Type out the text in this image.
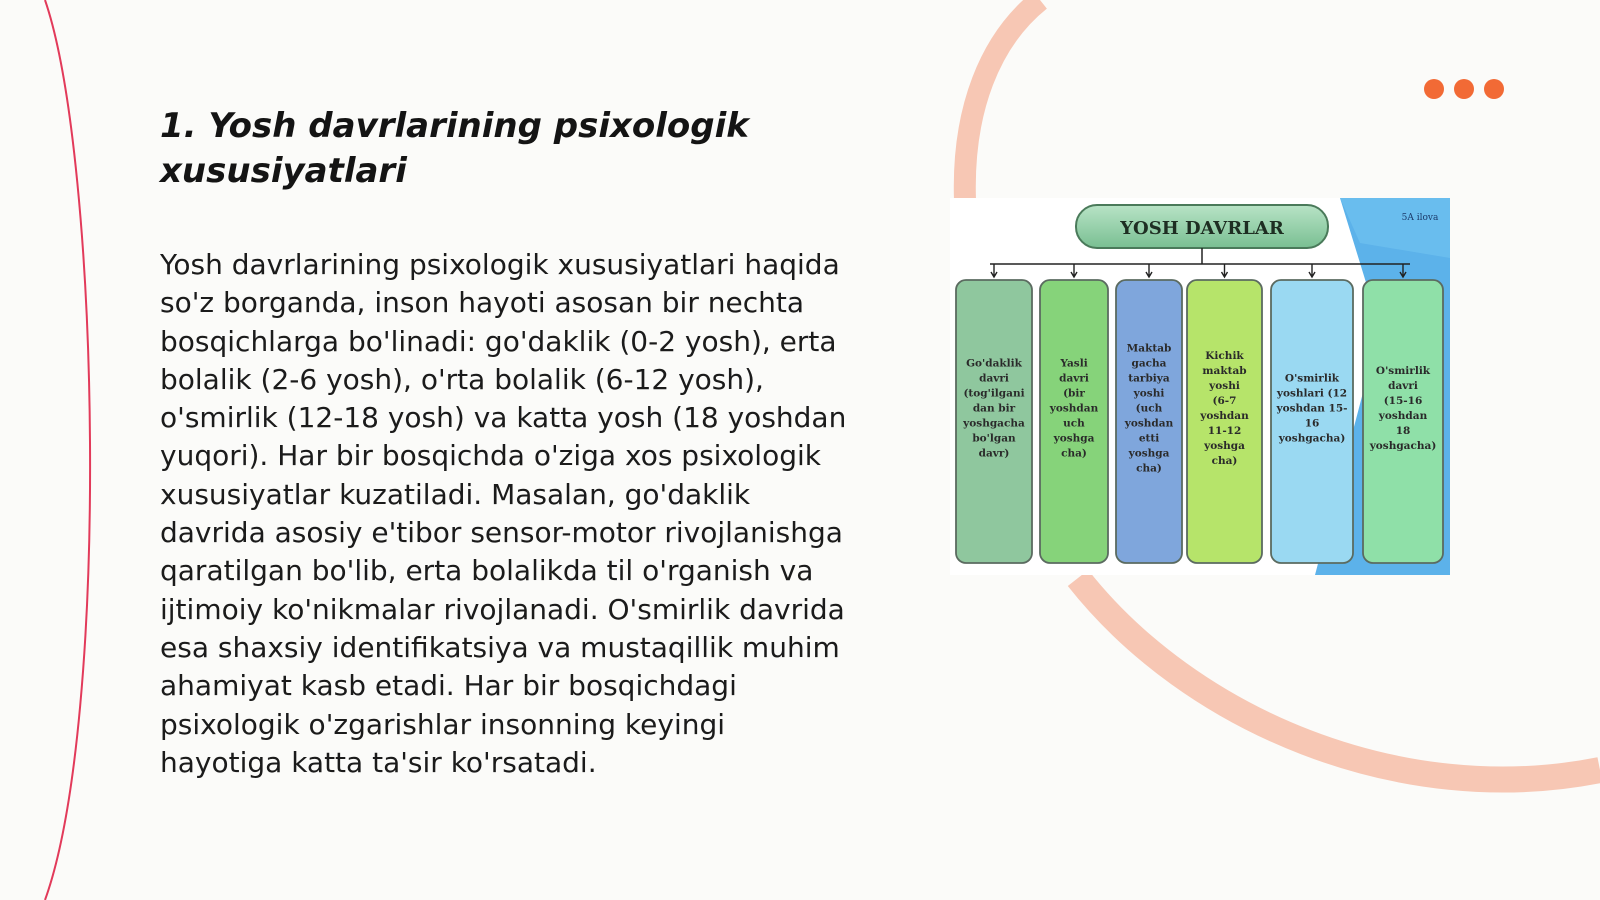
1. Yosh davrlarining psixologik xususiyatlari

Yosh davrlarining psixologik xususiyatlari haqida so'z borganda, inson hayoti asosan bir nechta bosqichlarga bo'linadi: go'daklik (0-2 yosh), erta bolalik (2-6 yosh), o'rta bolalik (6-12 yosh), o'smirlik (12-18 yosh) va katta yosh (18 yoshdan yuqori). Har bir bosqichda o'ziga xos psixologik xususiyatlar kuzatiladi. Masalan, go'daklik davrida asosiy e'tibor sensor-motor rivojlanishga qaratilgan bo'lib, erta bolalikda til o'rganish va ijtimoiy ko'nikmalar rivojlanadi. O'smirlik davrida esa shaxsiy identifikatsiya va mustaqillik muhim ahamiyat kasb etadi. Har bir bosqichdagi psixologik o'zgarishlar insonning keyingi hayotiga katta ta'sir ko'rsatadi.

5A ilova
YOSH DAVRLAR
Go'daklik
davri
(tog'ilgani
dan bir
yoshgacha
bo'lgan
davr)
Yasli
davri
(bir
yoshdan
uch
yoshga
cha)
Maktab
gacha
tarbiya
yoshi
(uch
yoshdan
etti
yoshga
cha)
Kichik
maktab
yoshi
(6-7
yoshdan
11-12
yoshga
cha)
O'smirlik
yoshlari (12
yoshdan 15-
16
yoshgacha)
O'smirlik
davri
(15-16
yoshdan
18
yoshgacha)
